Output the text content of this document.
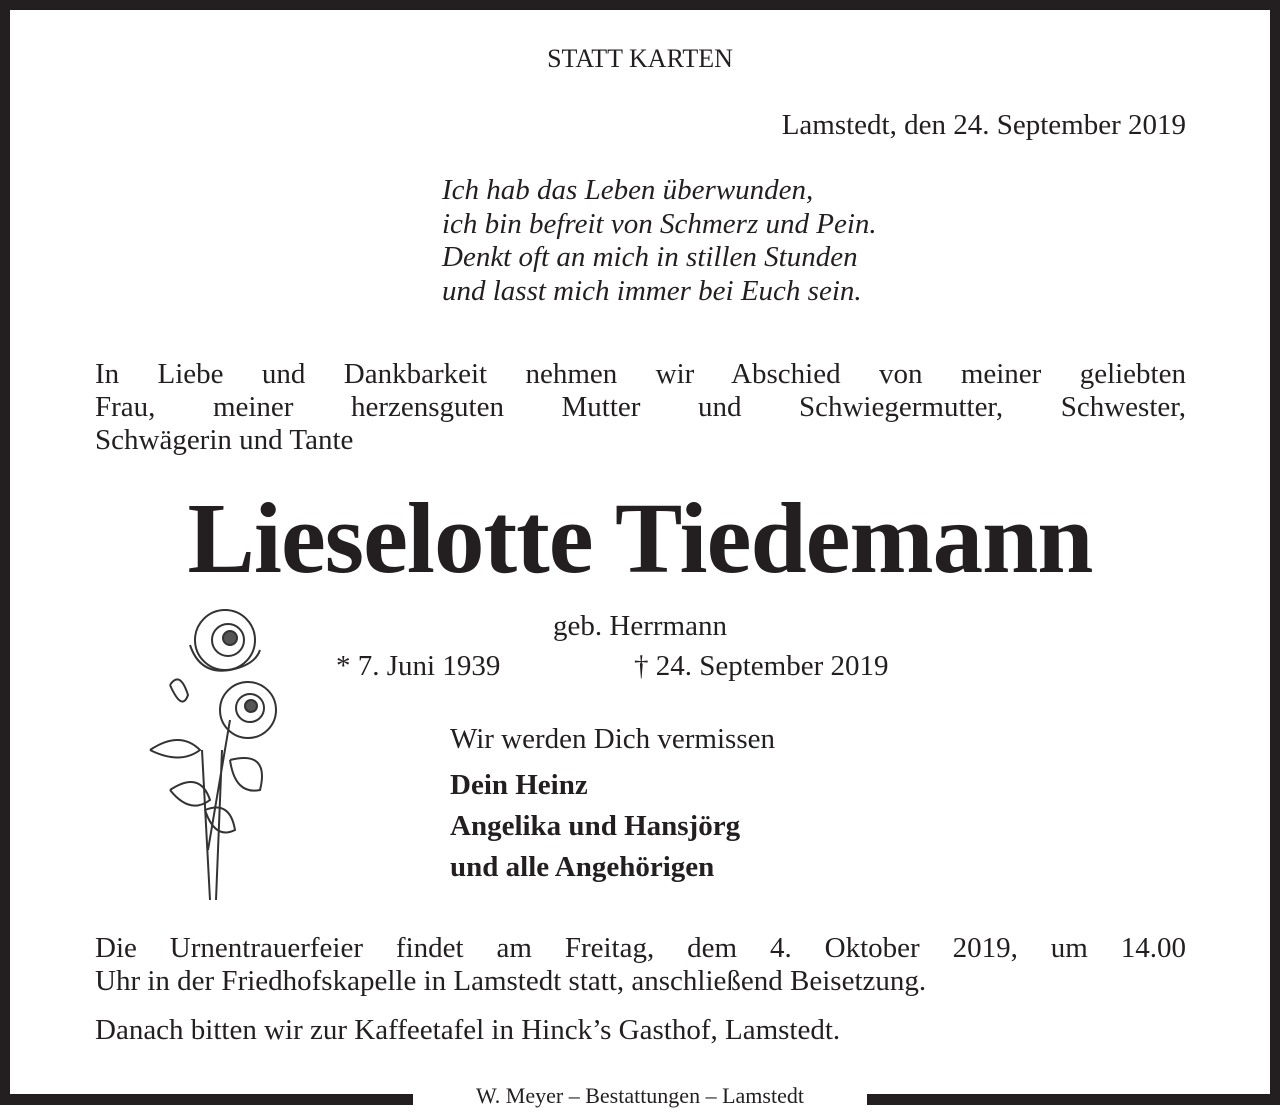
STATT KARTEN
Lamstedt, den 24. September 2019
Ich hab das Leben überwunden,
ich bin befreit von Schmerz und Pein.
Denkt oft an mich in stillen Stunden
und lasst mich immer bei Euch sein.
In Liebe und Dankbarkeit nehmen wir Abschied von meiner geliebten
Frau, meiner herzensguten Mutter und Schwiegermutter, Schwester,
Schwägerin und Tante
Lieselotte Tiedemann
geb. Herrmann
* 7. Juni 1939	† 24. September 2019
Wir werden Dich vermissen
Dein Heinz
Angelika und Hansjörg
und alle Angehörigen
Die Urnentrauerfeier findet am Freitag, dem 4. Oktober 2019, um 14.00
Uhr in der Friedhofskapelle in Lamstedt statt, anschließend Beisetzung.
Danach bitten wir zur Kaffeetafel in Hinck’s Gasthof, Lamstedt.
W. Meyer – Bestattungen – Lamstedt
